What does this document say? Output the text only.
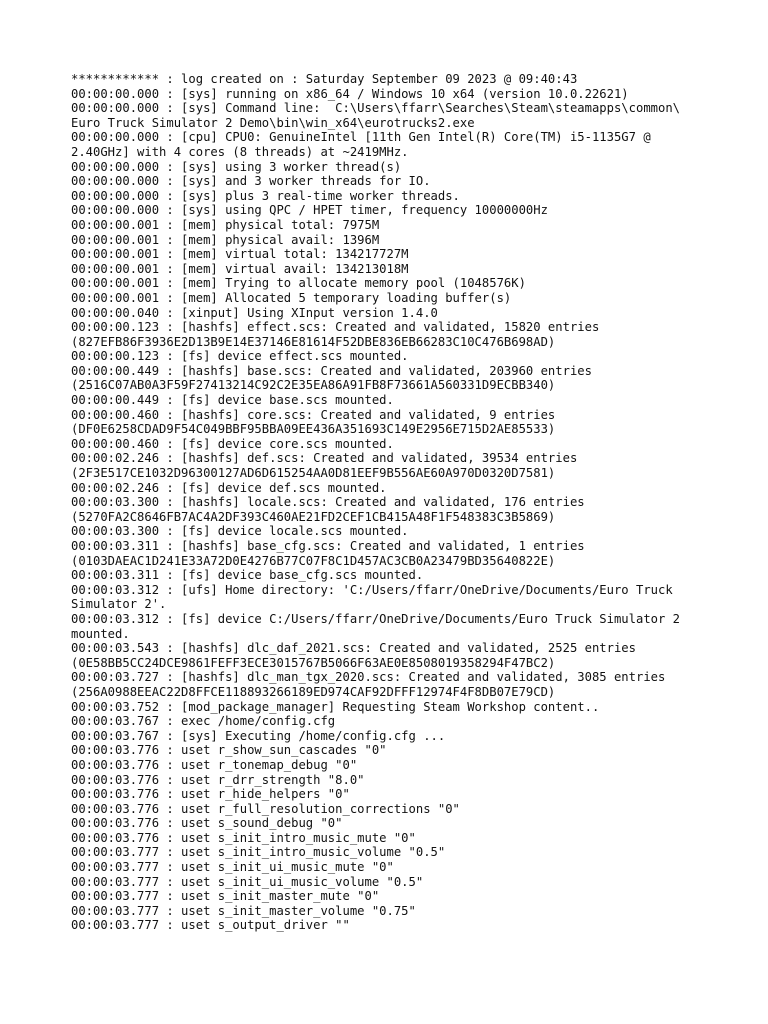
************ : log created on : Saturday September 09 2023 @ 09:40:43
00:00:00.000 : [sys] running on x86_64 / Windows 10 x64 (version 10.0.22621)
00:00:00.000 : [sys] Command line:  C:\Users\ffarr\Searches\Steam\steamapps\common\
Euro Truck Simulator 2 Demo\bin\win_x64\eurotrucks2.exe
00:00:00.000 : [cpu] CPU0: GenuineIntel [11th Gen Intel(R) Core(TM) i5-1135G7 @
2.40GHz] with 4 cores (8 threads) at ~2419MHz.
00:00:00.000 : [sys] using 3 worker thread(s)
00:00:00.000 : [sys] and 3 worker threads for IO.
00:00:00.000 : [sys] plus 3 real-time worker threads.
00:00:00.000 : [sys] using QPC / HPET timer, frequency 10000000Hz
00:00:00.001 : [mem] physical total: 7975M
00:00:00.001 : [mem] physical avail: 1396M
00:00:00.001 : [mem] virtual total: 134217727M
00:00:00.001 : [mem] virtual avail: 134213018M
00:00:00.001 : [mem] Trying to allocate memory pool (1048576K)
00:00:00.001 : [mem] Allocated 5 temporary loading buffer(s)
00:00:00.040 : [xinput] Using XInput version 1.4.0
00:00:00.123 : [hashfs] effect.scs: Created and validated, 15820 entries
(827EFB86F3936E2D13B9E14E37146E81614F52DBE836EB66283C10C476B698AD)
00:00:00.123 : [fs] device effect.scs mounted.
00:00:00.449 : [hashfs] base.scs: Created and validated, 203960 entries
(2516C07AB0A3F59F27413214C92C2E35EA86A91FB8F73661A560331D9ECBB340)
00:00:00.449 : [fs] device base.scs mounted.
00:00:00.460 : [hashfs] core.scs: Created and validated, 9 entries
(DF0E6258CDAD9F54C049BBF95BBA09EE436A351693C149E2956E715D2AE85533)
00:00:00.460 : [fs] device core.scs mounted.
00:00:02.246 : [hashfs] def.scs: Created and validated, 39534 entries
(2F3E517CE1032D96300127AD6D615254AA0D81EEF9B556AE60A970D0320D7581)
00:00:02.246 : [fs] device def.scs mounted.
00:00:03.300 : [hashfs] locale.scs: Created and validated, 176 entries
(5270FA2C8646FB7AC4A2DF393C460AE21FD2CEF1CB415A48F1F548383C3B5869)
00:00:03.300 : [fs] device locale.scs mounted.
00:00:03.311 : [hashfs] base_cfg.scs: Created and validated, 1 entries
(0103DAEAC1D241E33A72D0E4276B77C07F8C1D457AC3CB0A23479BD35640822E)
00:00:03.311 : [fs] device base_cfg.scs mounted.
00:00:03.312 : [ufs] Home directory: 'C:/Users/ffarr/OneDrive/Documents/Euro Truck
Simulator 2'.
00:00:03.312 : [fs] device C:/Users/ffarr/OneDrive/Documents/Euro Truck Simulator 2
mounted.
00:00:03.543 : [hashfs] dlc_daf_2021.scs: Created and validated, 2525 entries
(0E58BB5CC24DCE9861FEFF3ECE3015767B5066F63AE0E8508019358294F47BC2)
00:00:03.727 : [hashfs] dlc_man_tgx_2020.scs: Created and validated, 3085 entries
(256A0988EEAC22D8FFCE118893266189ED974CAF92DFFF12974F4F8DB07E79CD)
00:00:03.752 : [mod_package_manager] Requesting Steam Workshop content..
00:00:03.767 : exec /home/config.cfg
00:00:03.767 : [sys] Executing /home/config.cfg ...
00:00:03.776 : uset r_show_sun_cascades "0"
00:00:03.776 : uset r_tonemap_debug "0"
00:00:03.776 : uset r_drr_strength "8.0"
00:00:03.776 : uset r_hide_helpers "0"
00:00:03.776 : uset r_full_resolution_corrections "0"
00:00:03.776 : uset s_sound_debug "0"
00:00:03.776 : uset s_init_intro_music_mute "0"
00:00:03.777 : uset s_init_intro_music_volume "0.5"
00:00:03.777 : uset s_init_ui_music_mute "0"
00:00:03.777 : uset s_init_ui_music_volume "0.5"
00:00:03.777 : uset s_init_master_mute "0"
00:00:03.777 : uset s_init_master_volume "0.75"
00:00:03.777 : uset s_output_driver ""
